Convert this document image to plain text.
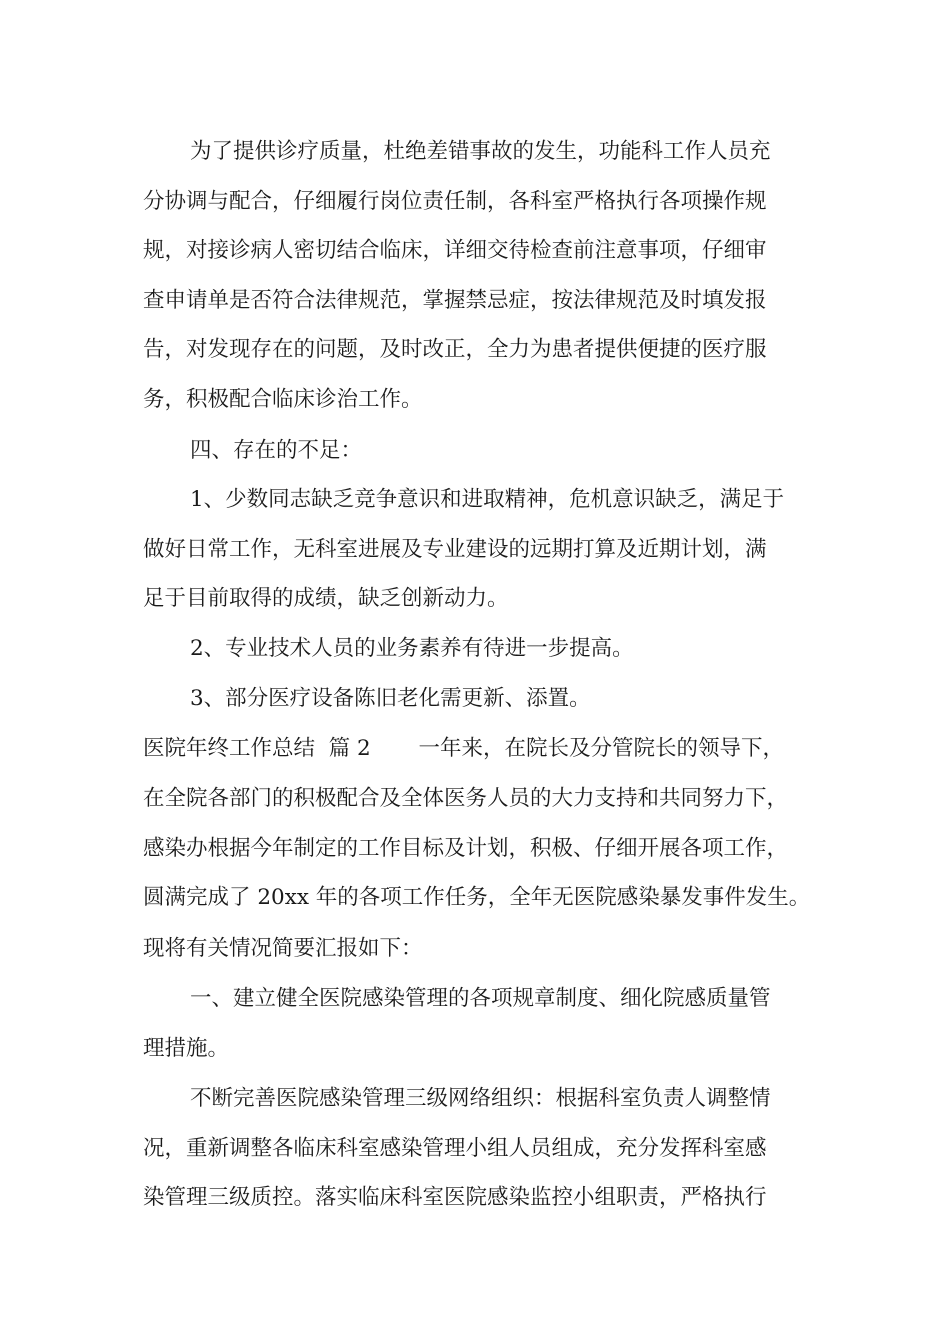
为了提供诊疗质量，杜绝差错事故的发生，功能科工作人员充
分协调与配合，仔细履行岗位责任制，各科室严格执行各项操作规
规，对接诊病人密切结合临床，详细交待检查前注意事项，仔细审
查申请单是否符合法律规范，掌握禁忌症，按法律规范及时填发报
告，对发现存在的问题，及时改正，全力为患者提供便捷的医疗服
务，积极配合临床诊治工作。
四、存在的不足：
1、少数同志缺乏竞争意识和进取精神，危机意识缺乏，满足于
做好日常工作，无科室进展及专业建设的远期打算及近期计划，满
足于目前取得的成绩，缺乏创新动力。
2、专业技术人员的业务素养有待进一步提高。
3、部分医疗设备陈旧老化需更新、添置。
医院年终工作总结  篇 2       一年来，在院长及分管院长的领导下，
在全院各部门的积极配合及全体医务人员的大力支持和共同努力下，
感染办根据今年制定的工作目标及计划，积极、仔细开展各项工作，
圆满完成了 20xx 年的各项工作任务，全年无医院感染暴发事件发生。
现将有关情况简要汇报如下：
一、建立健全医院感染管理的各项规章制度、细化院感质量管
理措施。
不断完善医院感染管理三级网络组织：根据科室负责人调整情
况，重新调整各临床科室感染管理小组人员组成，充分发挥科室感
染管理三级质控。落实临床科室医院感染监控小组职责，严格执行
